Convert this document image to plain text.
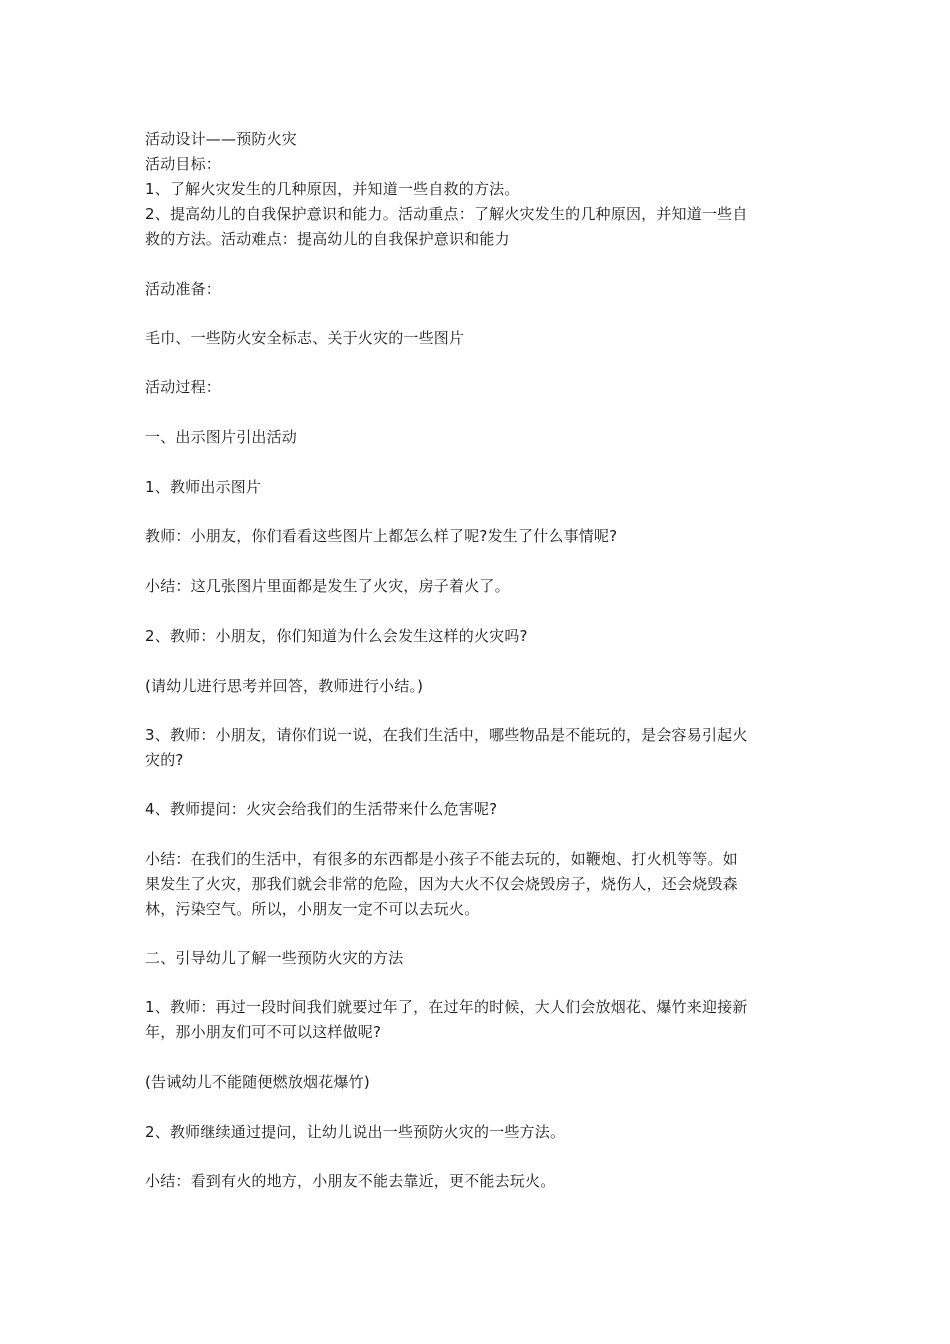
活动设计——预防火灾
活动目标：
1、了解火灾发生的几种原因，并知道一些自救的方法。
2、提高幼儿的自我保护意识和能力。活动重点：了解火灾发生的几种原因，并知道一些自
救的方法。活动难点：提高幼儿的自我保护意识和能力
活动准备：
毛巾、一些防火安全标志、关于火灾的一些图片
活动过程：
一、出示图片引出活动
1、教师出示图片
教师：小朋友，你们看看这些图片上都怎么样了呢?发生了什么事情呢?
小结：这几张图片里面都是发生了火灾，房子着火了。
2、教师：小朋友，你们知道为什么会发生这样的火灾吗?
(请幼儿进行思考并回答，教师进行小结。)
3、教师：小朋友，请你们说一说，在我们生活中，哪些物品是不能玩的，是会容易引起火
灾的?
4、教师提问：火灾会给我们的生活带来什么危害呢?
小结：在我们的生活中，有很多的东西都是小孩子不能去玩的，如鞭炮、打火机等等。如
果发生了火灾，那我们就会非常的危险，因为大火不仅会烧毁房子，烧伤人，还会烧毁森
林，污染空气。所以，小朋友一定不可以去玩火。
二、引导幼儿了解一些预防火灾的方法
1、教师：再过一段时间我们就要过年了，在过年的时候，大人们会放烟花、爆竹来迎接新
年，那小朋友们可不可以这样做呢?
(告诫幼儿不能随便燃放烟花爆竹)
2、教师继续通过提问，让幼儿说出一些预防火灾的一些方法。
小结：看到有火的地方，小朋友不能去靠近，更不能去玩火。
